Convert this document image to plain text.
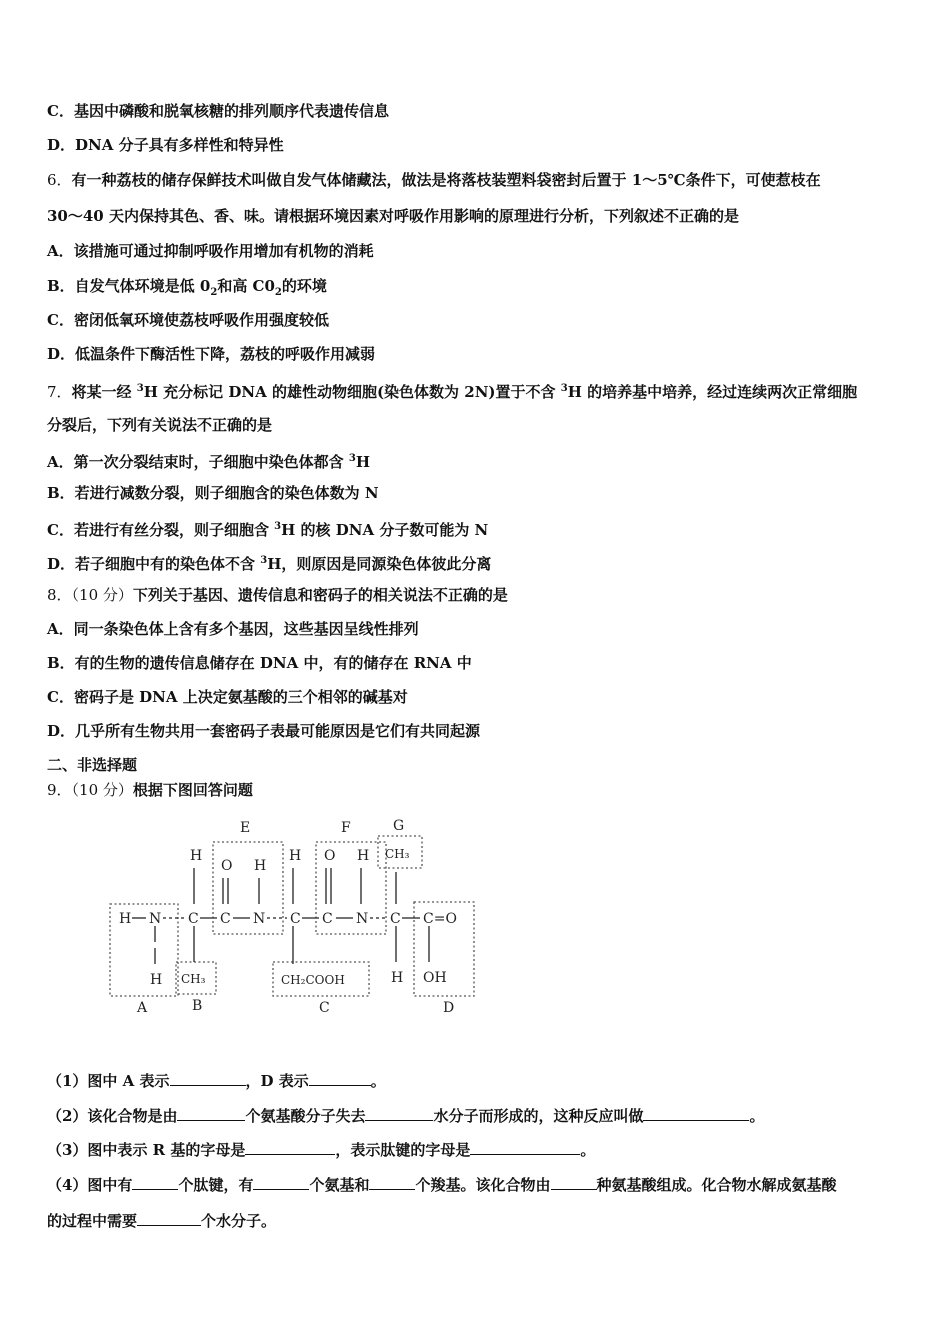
C．基因中磷酸和脱氧核糖的排列顺序代表遗传信息
D．DNA 分子具有多样性和特异性
6．有一种荔枝的储存保鲜技术叫做自发气体储藏法，做法是将落枝装塑料袋密封后置于 1～5℃条件下，可使惹枝在
30～40 天内保持其色、香、味。请根据环境因素对呼吸作用影响的原理进行分析，下列叙述不正确的是
A．该措施可通过抑制呼吸作用增加有机物的消耗
B．自发气体环境是低 $0_2$和高 $C0_2$的环境
C．密闭低氧环境使荔枝呼吸作用强度较低
D．低温条件下酶活性下降，荔枝的呼吸作用减弱
7．将某一经 $^3$H 充分标记 DNA 的雄性动物细胞(染色体数为 2N)置于不含 $^3$H 的培养基中培养，经过连续两次正常细胞
分裂后，下列有关说法不正确的是
A．第一次分裂结束时，子细胞中染色体都含 $^3$H
B．若进行减数分裂，则子细胞含的染色体数为 N
C．若进行有丝分裂，则子细胞含 $^3$H 的核 DNA 分子数可能为 N
D．若子细胞中有的染色体不含 $^3$H，则原因是同源染色体彼此分离
8．（10 分）下列关于基因、遗传信息和密码子的相关说法不正确的是
A．同一条染色体上含有多个基因，这些基因呈线性排列
B．有的生物的遗传信息储存在 DNA 中，有的储存在 RNA 中
C．密码子是 DNA 上决定氨基酸的三个相邻的碱基对
D．几乎所有生物共用一套密码子表最可能原因是它们有共同起源
二、非选择题
9．（10 分）根据下图回答问题
H N C C N C C N C C=O
H
O H
H O H CH₃
H CH₃	CH₂COOH	H OH
A	B	C	D
E	F	G
（1）图中 A 表示	，D 表示	。
（2）该化合物是由	个氨基酸分子失去	水分子而形成的，这种反应叫做	。
（3）图中表示 R 基的字母是	，表示肽键的字母是	。
（4）图中有	个肽键，有	个氨基和	个羧基。该化合物由	种氨基酸组成。化合物水解成氨基酸
的过程中需要	个水分子。
